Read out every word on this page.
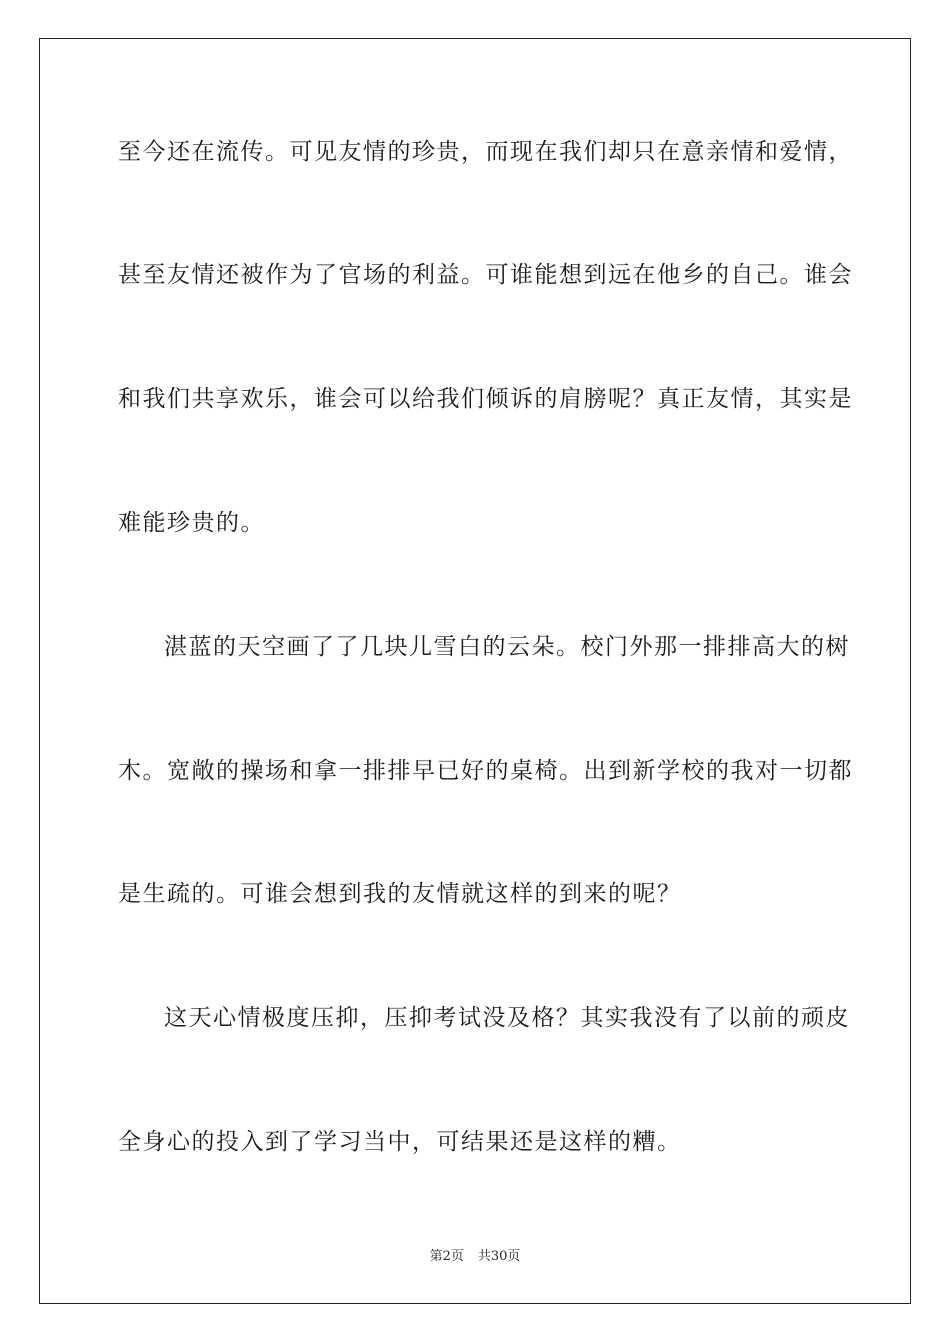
至今还在流传。可见友情的珍贵，而现在我们却只在意亲情和爱情，
甚至友情还被作为了官场的利益。可谁能想到远在他乡的自己。谁会
和我们共享欢乐，谁会可以给我们倾诉的肩膀呢？真正友情，其实是
难能珍贵的。
湛蓝的天空画了了几块儿雪白的云朵。校门外那一排排高大的树
木。宽敞的操场和拿一排排早已好的桌椅。出到新学校的我对一切都
是生疏的。可谁会想到我的友情就这样的到来的呢？
这天心情极度压抑，压抑考试没及格？其实我没有了以前的顽皮
全身心的投入到了学习当中，可结果还是这样的糟。
第2页 共30页
